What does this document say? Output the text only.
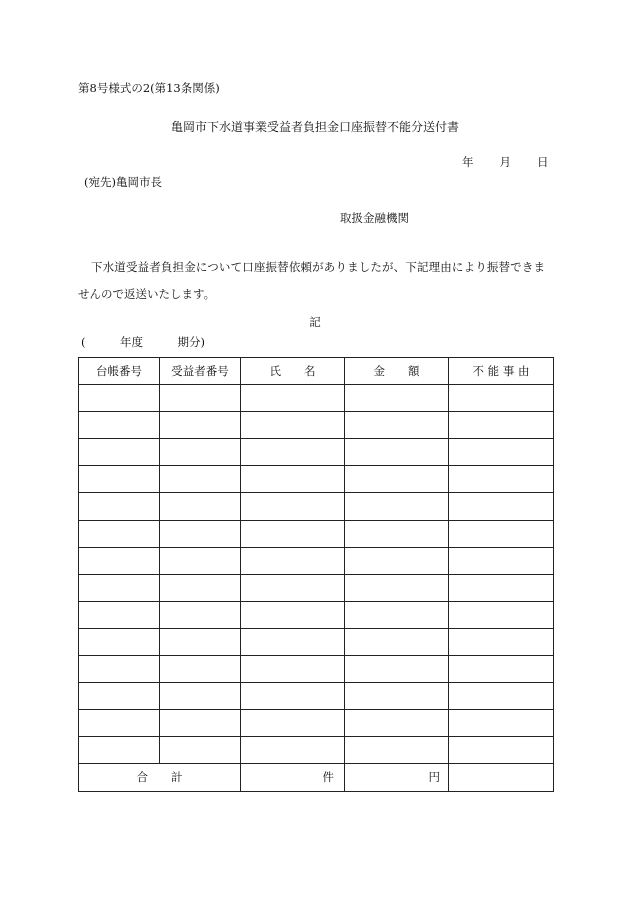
第8号様式の2(第13条関係)
亀岡市下水道事業受益者負担金口座振替不能分送付書
年 月 日
(宛先)亀岡市長
取扱金融機関
下水道受益者負担金について口座振替依頼がありましたが、下記理由により振替できま
せんので返送いたします。
記
(　　　年度　　　期分)
台帳番号	受益者番号	氏　　名	金　　額	不 能 事 由

合　　計		件	円	
